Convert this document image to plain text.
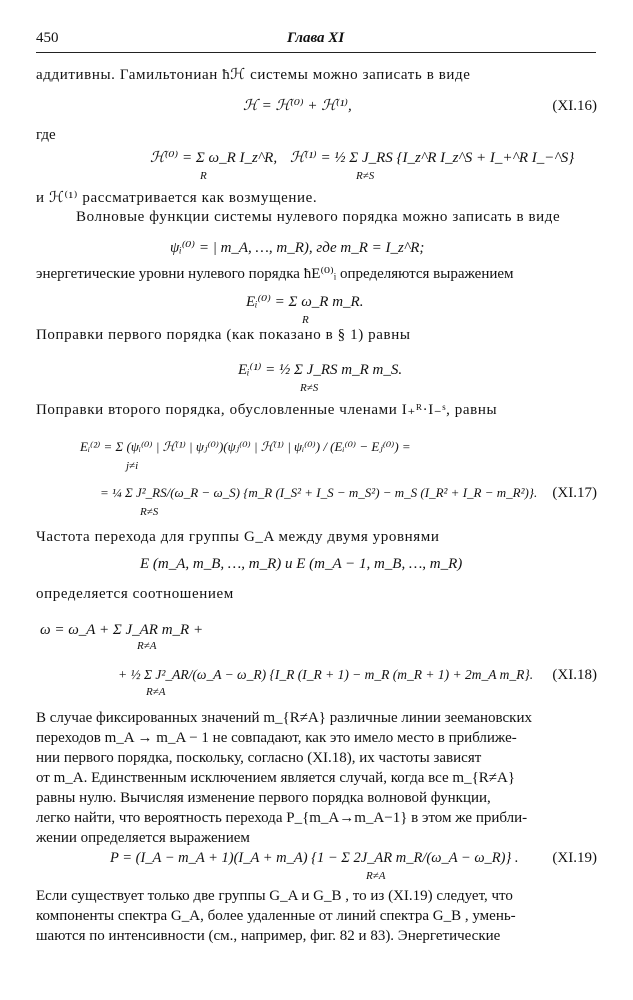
450	Глава XI
аддитивны. Гамильтониан ħℋ системы можно записать в виде
ℋ = ℋ⁽⁰⁾ + ℋ⁽¹⁾,	(XI.16)
где
ℋ⁽⁰⁾ = Σ ω_R I_z^R,
R
ℋ⁽¹⁾ = ½ Σ J_RS {I_z^R I_z^S + I_+^R I_−^S}
R≠S
и ℋ⁽¹⁾ рассматривается как возмущение.
Волновые функции системы нулевого порядка можно записать в виде
ψᵢ⁽⁰⁾ = | m_A, …, m_R), где m_R = I_z^R;
энергетические уровни нулевого порядка ħE⁽⁰⁾ᵢ определяются выражением
Eᵢ⁽⁰⁾ = Σ ω_R m_R.
R
Поправки первого порядка (как показано в § 1) равны
Eᵢ⁽¹⁾ = ½ Σ J_RS m_R m_S.
R≠S
Поправки второго порядка, обусловленные членами I₊ᴿ·I₋ˢ, равны
Eᵢ⁽²⁾ = Σ (ψᵢ⁽⁰⁾ | ℋ⁽¹⁾ | ψⱼ⁽⁰⁾)(ψⱼ⁽⁰⁾ | ℋ⁽¹⁾ | ψᵢ⁽⁰⁾) / (Eᵢ⁽⁰⁾ − Eⱼ⁽⁰⁾) =
j≠i
= ¼ Σ J²_RS/(ω_R − ω_S) {m_R (I_S² + I_S − m_S²) − m_S (I_R² + I_R − m_R²)}.
R≠S
(XI.17)
Частота перехода для группы G_A между двумя уровнями
E (m_A, m_B, …, m_R) и E (m_A − 1, m_B, …, m_R)
определяется соотношением
ω = ω_A + Σ J_AR m_R +
R≠A
+ ½ Σ J²_AR/(ω_A − ω_R) {I_R (I_R + 1) − m_R (m_R + 1) + 2m_A m_R}.
R≠A
(XI.18)
В случае фиксированных значений m_{R≠A} различные линии зеемановских
переходов m_A → m_A − 1 не совпадают, как это имело место в приближе-
нии первого порядка, поскольку, согласно (XI.18), их частоты зависят
от m_A. Единственным исключением является случай, когда все m_{R≠A}
равны нулю. Вычисляя изменение первого порядка волновой функции,
легко найти, что вероятность перехода P_{m_A→m_A−1} в этом же прибли-
жении определяется выражением
P = (I_A − m_A + 1)(I_A + m_A) {1 − Σ 2J_AR m_R/(ω_A − ω_R)} .
R≠A
(XI.19)
Если существует только две группы G_A и G_B , то из (XI.19) следует, что
компоненты спектра G_A, более удаленные от линий спектра G_B , умень-
шаются по интенсивности (см., например, фиг. 82 и 83). Энергетические
